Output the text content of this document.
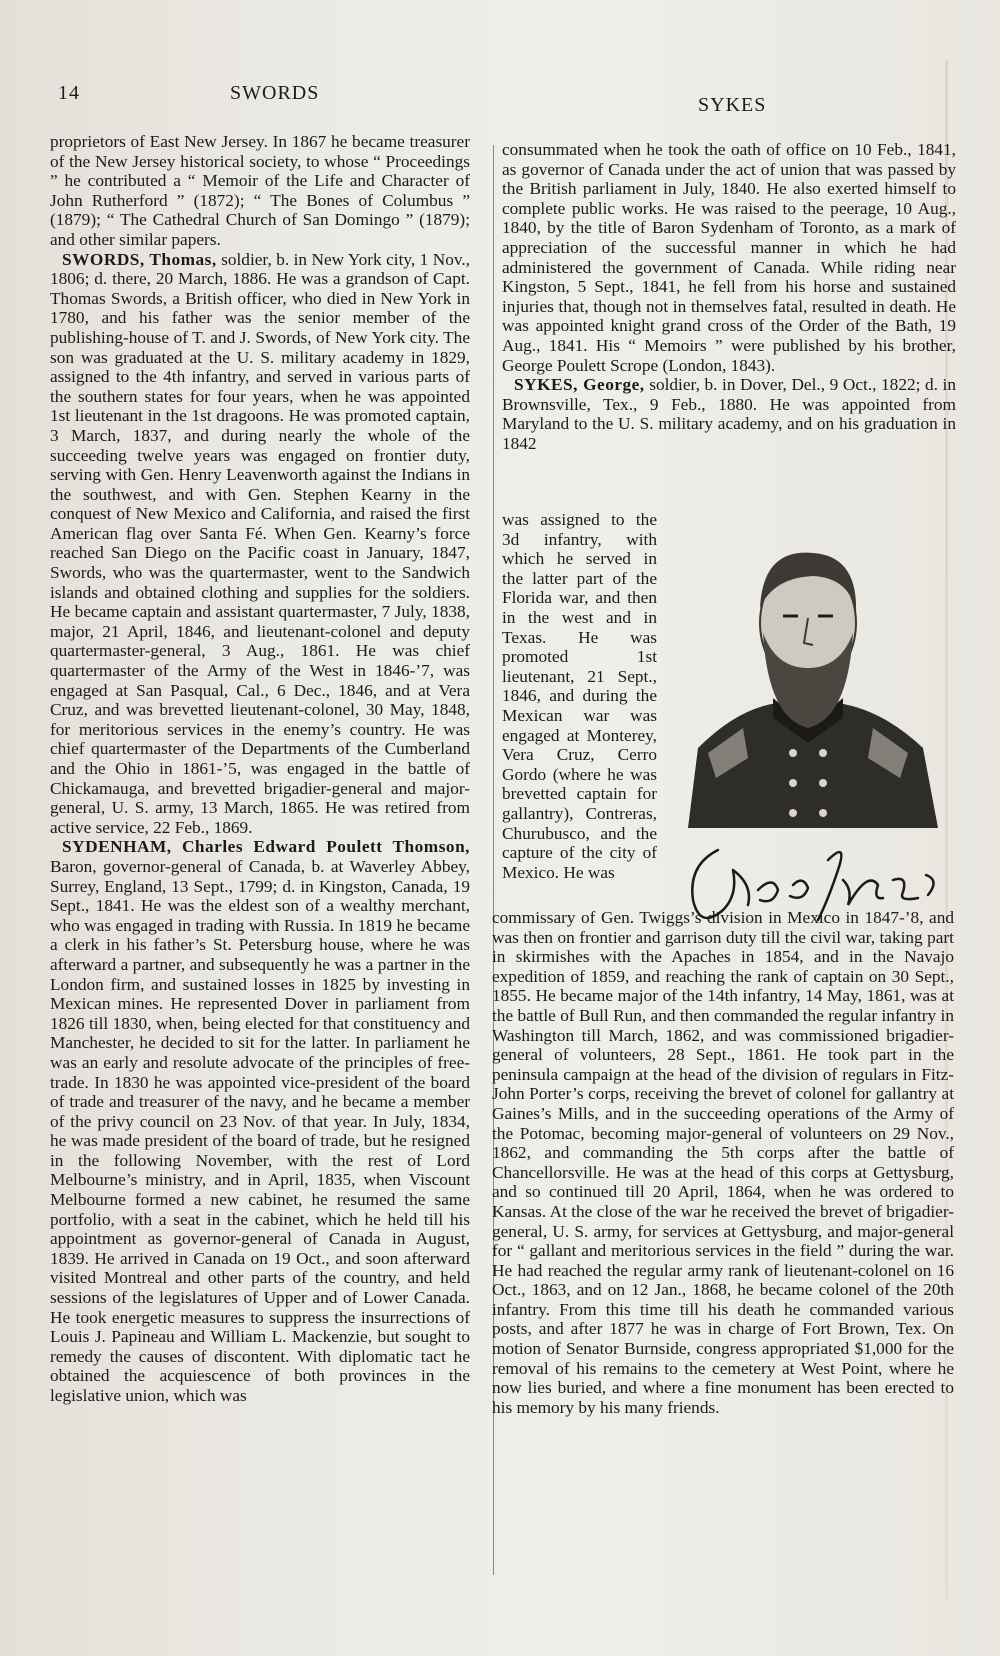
14	SWORDS
SYKES

proprietors of East New Jersey. In 1867 he became treasurer of the New Jersey historical society, to whose “ Proceedings ” he contributed a “ Memoir of the Life and Character of John Rutherford ” (1872); “ The Bones of Columbus ” (1879); “ The Cathedral Church of San Domingo ” (1879); and other similar papers.

SWORDS, Thomas, soldier, b. in New York city, 1 Nov., 1806; d. there, 20 March, 1886. He was a grandson of Capt. Thomas Swords, a British officer, who died in New York in 1780, and his father was the senior member of the publishing-house of T. and J. Swords, of New York city. The son was graduated at the U. S. military academy in 1829, assigned to the 4th infantry, and served in various parts of the southern states for four years, when he was appointed 1st lieutenant in the 1st dragoons. He was promoted captain, 3 March, 1837, and during nearly the whole of the succeeding twelve years was engaged on frontier duty, serving with Gen. Henry Leavenworth against the Indians in the southwest, and with Gen. Stephen Kearny in the conquest of New Mexico and California, and raised the first American flag over Santa Fé. When Gen. Kearny’s force reached San Diego on the Pacific coast in January, 1847, Swords, who was the quartermaster, went to the Sandwich islands and obtained clothing and supplies for the soldiers. He became captain and assistant quartermaster, 7 July, 1838, major, 21 April, 1846, and lieutenant-colonel and deputy quartermaster-general, 3 Aug., 1861. He was chief quartermaster of the Army of the West in 1846-’7, was engaged at San Pasqual, Cal., 6 Dec., 1846, and at Vera Cruz, and was brevetted lieutenant-colonel, 30 May, 1848, for meritorious services in the enemy’s country. He was chief quartermaster of the Departments of the Cumberland and the Ohio in 1861-’5, was engaged in the battle of Chickamauga, and brevetted brigadier-general and major-general, U. S. army, 13 March, 1865. He was retired from active service, 22 Feb., 1869.

SYDENHAM, Charles Edward Poulett Thomson, Baron, governor-general of Canada, b. at Waverley Abbey, Surrey, England, 13 Sept., 1799; d. in Kingston, Canada, 19 Sept., 1841. He was the eldest son of a wealthy merchant, who was engaged in trading with Russia. In 1819 he became a clerk in his father’s St. Petersburg house, where he was afterward a partner, and subsequently he was a partner in the London firm, and sustained losses in 1825 by investing in Mexican mines. He represented Dover in parliament from 1826 till 1830, when, being elected for that constituency and Manchester, he decided to sit for the latter. In parliament he was an early and resolute advocate of the principles of free-trade. In 1830 he was appointed vice-president of the board of trade and treasurer of the navy, and he became a member of the privy council on 23 Nov. of that year. In July, 1834, he was made president of the board of trade, but he resigned in the following November, with the rest of Lord Melbourne’s ministry, and in April, 1835, when Viscount Melbourne formed a new cabinet, he resumed the same portfolio, with a seat in the cabinet, which he held till his appointment as governor-general of Canada in August, 1839. He arrived in Canada on 19 Oct., and soon afterward visited Montreal and other parts of the country, and held sessions of the legislatures of Upper and of Lower Canada. He took energetic measures to suppress the insurrections of Louis J. Papineau and William L. Mackenzie, but sought to remedy the causes of discontent. With diplomatic tact he obtained the acquiescence of both provinces in the legislative union, which was

consummated when he took the oath of office on 10 Feb., 1841, as governor of Canada under the act of union that was passed by the British parliament in July, 1840. He also exerted himself to complete public works. He was raised to the peerage, 10 Aug., 1840, by the title of Baron Sydenham of Toronto, as a mark of appreciation of the successful manner in which he had administered the government of Canada. While riding near Kingston, 5 Sept., 1841, he fell from his horse and sustained injuries that, though not in themselves fatal, resulted in death. He was appointed knight grand cross of the Order of the Bath, 19 Aug., 1841. His “ Memoirs ” were published by his brother, George Poulett Scrope (London, 1843).

SYKES, George, soldier, b. in Dover, Del., 9 Oct., 1822; d. in Brownsville, Tex., 9 Feb., 1880. He was appointed from Maryland to the U. S. military academy, and on his graduation in 1842

was assigned to the 3d infantry, with which he served in the latter part of the Florida war, and then in the west and in Texas. He was promoted 1st lieutenant, 21 Sept., 1846, and during the Mexican war was engaged at Monterey, Vera Cruz, Cerro Gordo (where he was brevetted captain for gallantry), Contreras, Churubusco, and the capture of the city of Mexico. He was

commissary of Gen. Twiggs’s division in Mexico in 1847-’8, and was then on frontier and garrison duty till the civil war, taking part in skirmishes with the Apaches in 1854, and in the Navajo expedition of 1859, and reaching the rank of captain on 30 Sept., 1855. He became major of the 14th infantry, 14 May, 1861, was at the battle of Bull Run, and then commanded the regular infantry in Washington till March, 1862, and was commissioned brigadier-general of volunteers, 28 Sept., 1861. He took part in the peninsula campaign at the head of the division of regulars in Fitz-John Porter’s corps, receiving the brevet of colonel for gallantry at Gaines’s Mills, and in the succeeding operations of the Army of the Potomac, becoming major-general of volunteers on 29 Nov., 1862, and commanding the 5th corps after the battle of Chancellorsville. He was at the head of this corps at Gettysburg, and so continued till 20 April, 1864, when he was ordered to Kansas. At the close of the war he received the brevet of brigadier-general, U. S. army, for services at Gettysburg, and major-general for “ gallant and meritorious services in the field ” during the war. He had reached the regular army rank of lieutenant-colonel on 16 Oct., 1863, and on 12 Jan., 1868, he became colonel of the 20th infantry. From this time till his death he commanded various posts, and after 1877 he was in charge of Fort Brown, Tex. On motion of Senator Burnside, congress appropriated $1,000 for the removal of his remains to the cemetery at West Point, where he now lies buried, and where a fine monument has been erected to his memory by his many friends.
